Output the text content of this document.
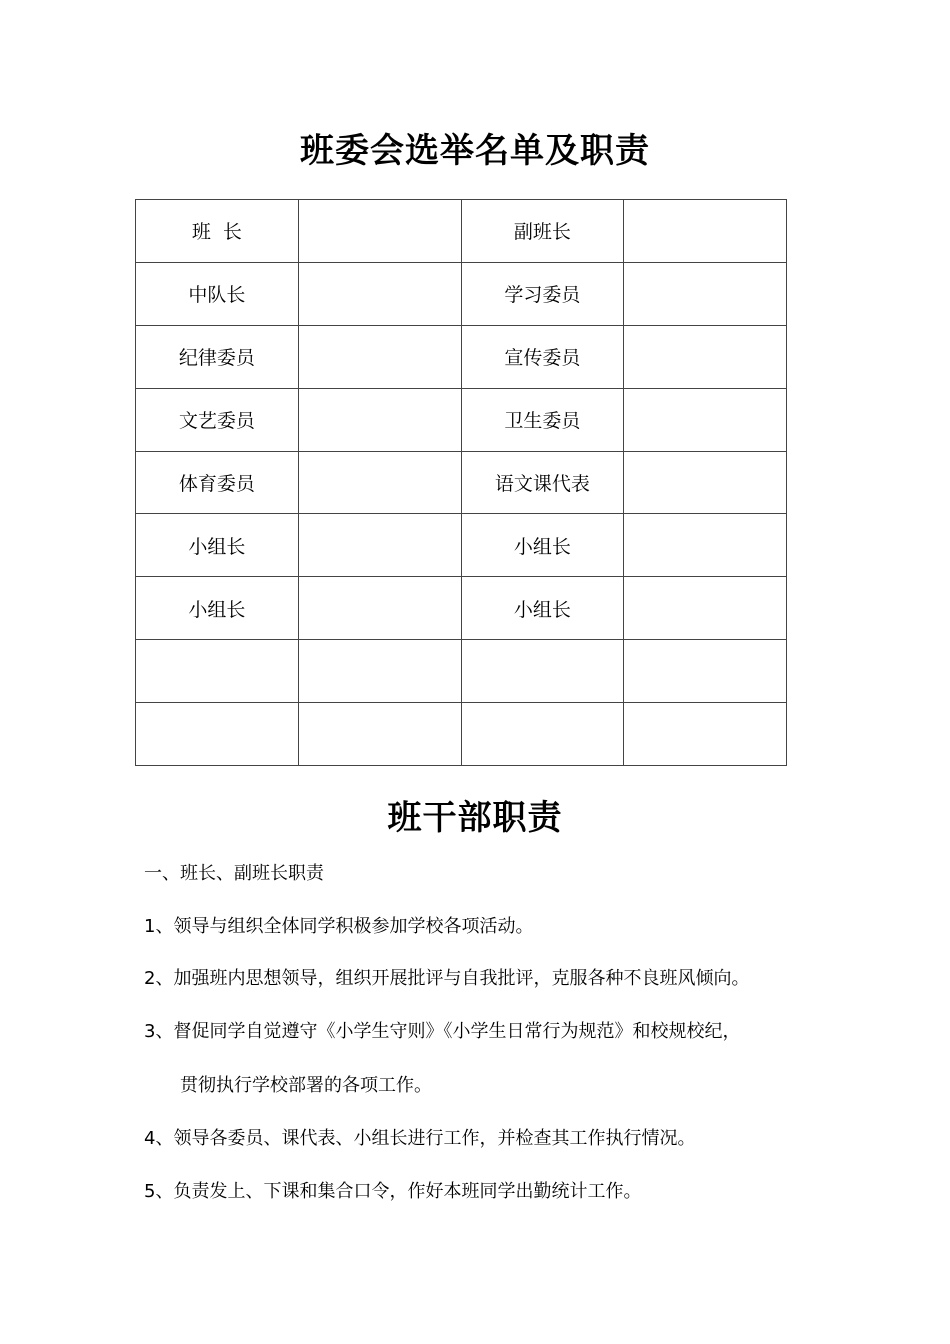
班委会选举名单及职责
班  长		副班长	
中队长		学习委员	
纪律委员		宣传委员	
文艺委员		卫生委员	
体育委员		语文课代表	
小组长		小组长	
小组长		小组长	

班干部职责
一、班长、副班长职责
1、领导与组织全体同学积极参加学校各项活动。
2、加强班内思想领导，组织开展批评与自我批评，克服各种不良班风倾向。
3、督促同学自觉遵守《小学生守则》《小学生日常行为规范》和校规校纪，
贯彻执行学校部署的各项工作。
4、领导各委员、课代表、小组长进行工作，并检查其工作执行情况。
5、负责发上、下课和集合口令，作好本班同学出勤统计工作。
